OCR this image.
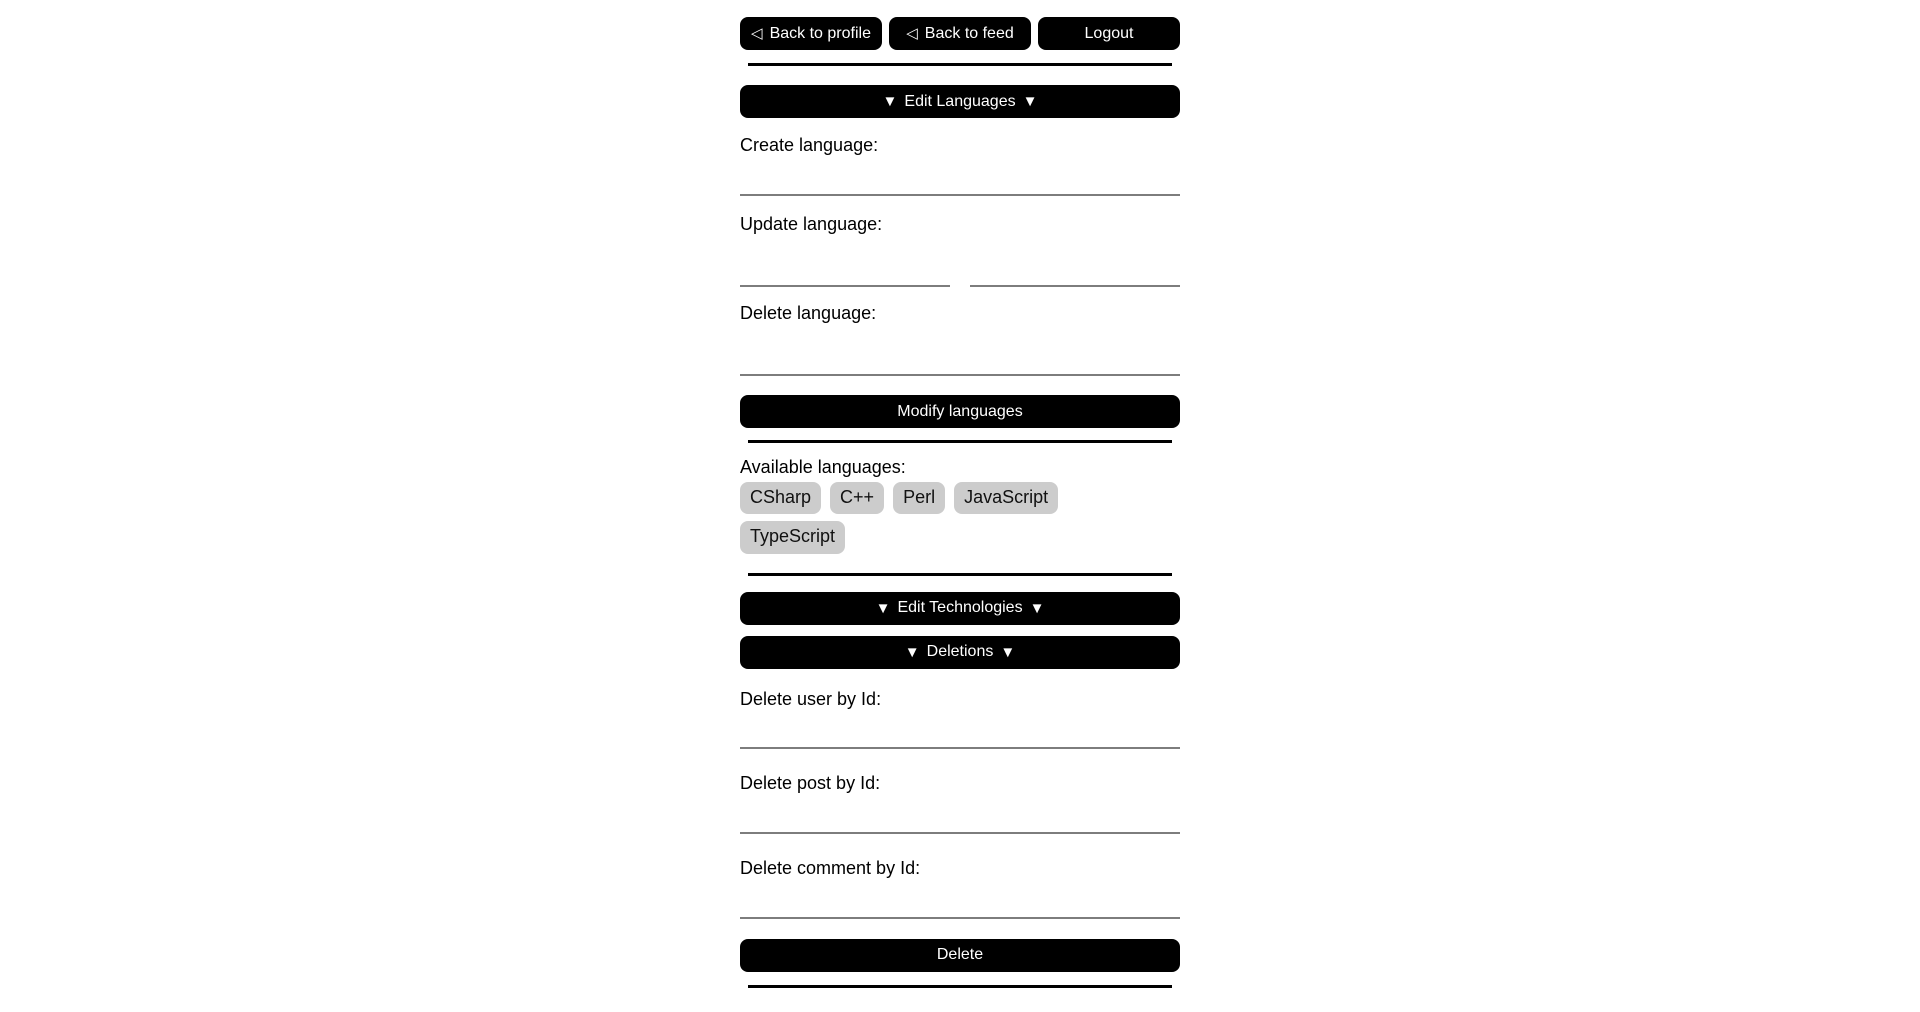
◁ Back to profile ◁ Back to feed	Logout
▼ Edit Languages ▼

Create language:

Update language:

Delete language:

Modify languages

Available languages:

CSharp C++ Perl JavaScriptTypeScript
▼ Edit Technologies ▼
▼ Deletions ▼

Delete user by Id:

Delete post by Id:

Delete comment by Id:

Delete
